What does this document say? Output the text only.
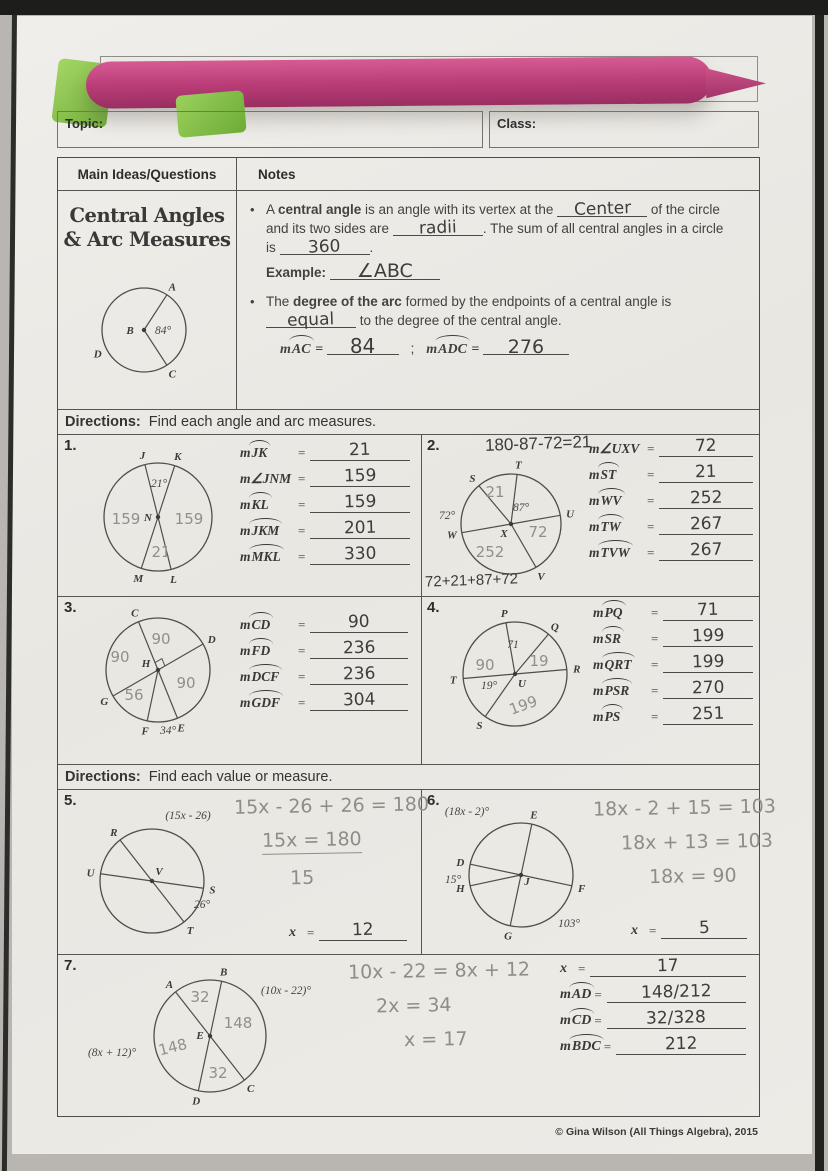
Topic:	Class:
Main Ideas/Questions	Notes
Central Angles
& Arc Measures
A
C
D
B 84°
• A central angle is an angle with its vertex at the Center of the circle and its two sides are radii . The sum of all central angles in a circle is 360 .
Example: ∠ABC
• The degree of the arc formed by the endpoints of a central angle is
equal to the degree of the central angle.
mAC = 84	; mADC = 276
Directions: Find each angle and arc measures.
Directions: Find each value or measure.
1.
J	K
M L
N
21°
159 159
21
mJK	=	21
m∠JNM =	159
mKL	=	159
mJKM	=	201
mMKL	=	330
2.	180-87-72=21
T
S
U
W
V
X
21
87°
72°
72
252
72+21+87+72
m∠UXV =	72
mST	=	21
mWV	=	252
mTW	=	267
mTVW	=	267
3.	C
D
G
F	E
H
90
90
90
56
34°
mCD	=	90
mFD	=	236
mDCF	=	236
mGDF	=	304
4.	P
Q
R
T
S
U
71
90 19
19°
199
mPQ	=	71
mSR	=	199
mQRT	=	199
mPSR	=	270
mPS	=	251
5.
R
U
S
T
V
(15x - 26)
26°
15x - 26 + 26 = 180
15x = 180
15
x =	12
6.
E
D
H	F
G
J
(18x - 2)°
15°
103°
18x - 2 + 15 = 103
18x + 13 = 103
18x = 90
x =	5
7.
A
B
C
D
E
32
148
148
32
(10x - 22)°
(8x + 12)°
10x - 22 = 8x + 12
2x = 34
x = 17
x =	17
mAD =	148/212
mCD =	32/328
mBDC =	212
© Gina Wilson (All Things Algebra), 2015
